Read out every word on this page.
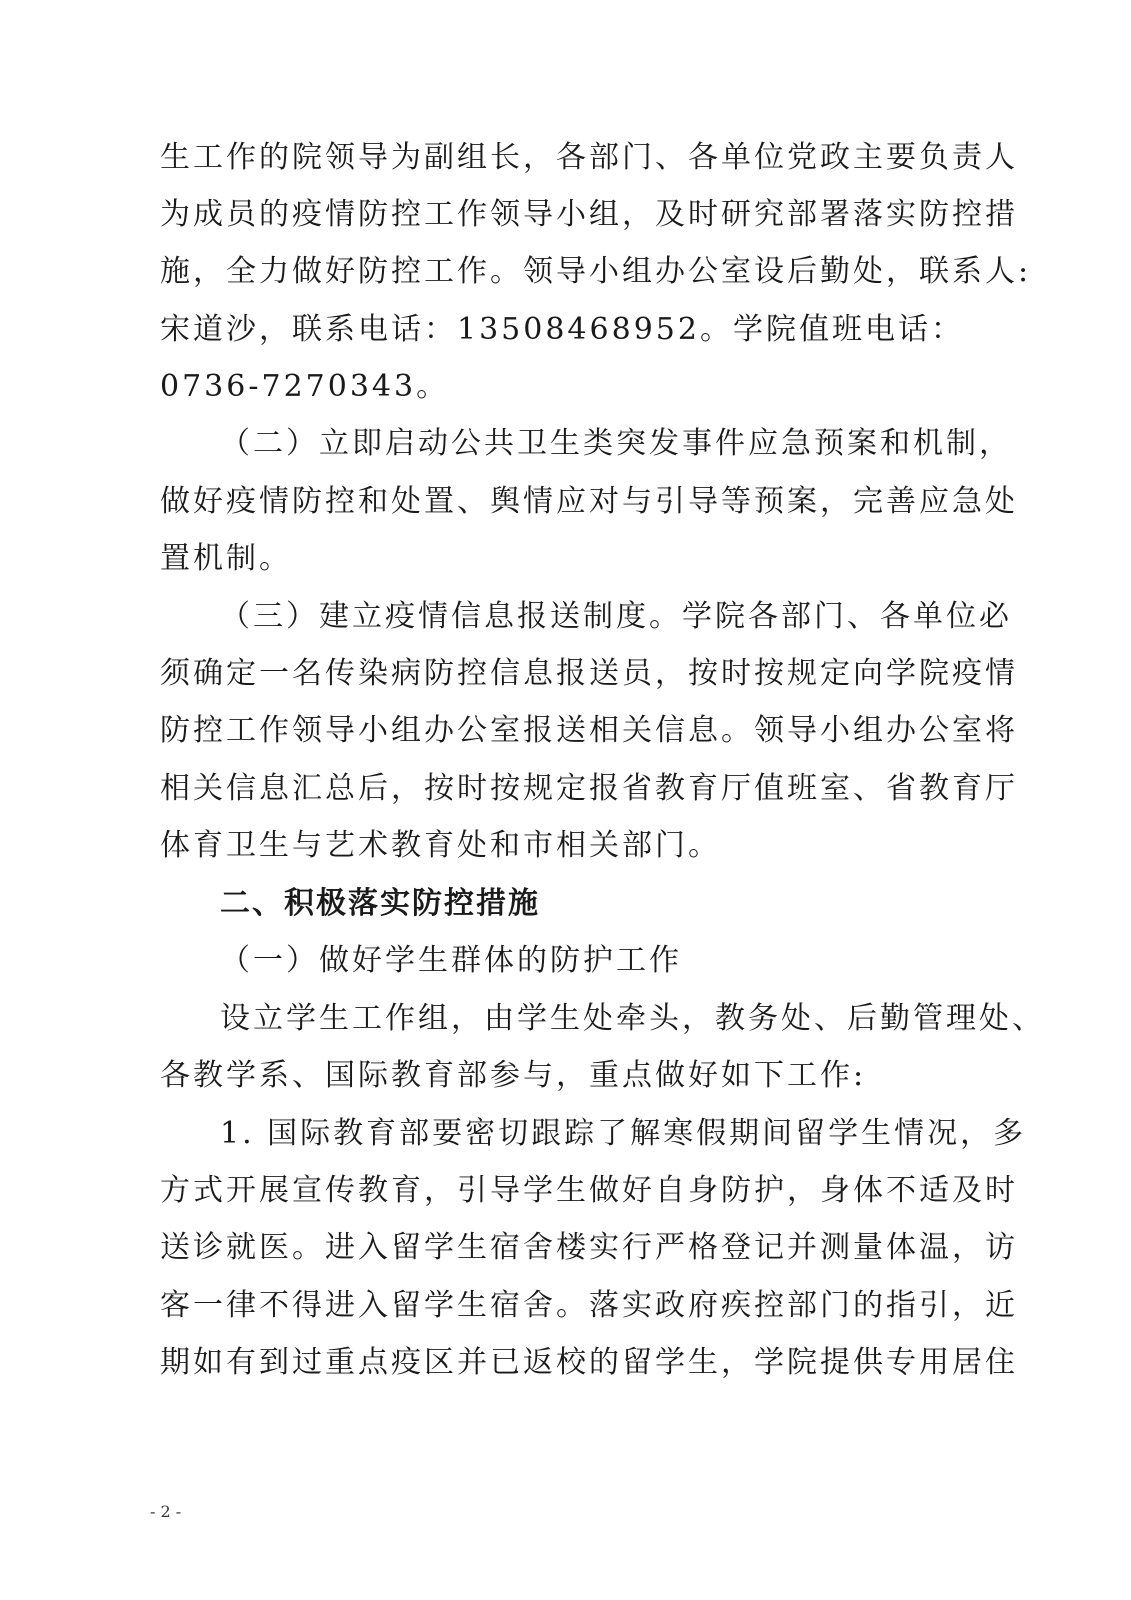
生工作的院领导为副组长，各部门、各单位党政主要负责人
为成员的疫情防控工作领导小组，及时研究部署落实防控措
施，全力做好防控工作。领导小组办公室设后勤处，联系人:
宋道沙，联系电话：13508468952。学院值班电话：
0736-7270343。
（二）立即启动公共卫生类突发事件应急预案和机制，
做好疫情防控和处置、舆情应对与引导等预案，完善应急处
置机制。
（三）建立疫情信息报送制度。学院各部门、各单位必
须确定一名传染病防控信息报送员，按时按规定向学院疫情
防控工作领导小组办公室报送相关信息。领导小组办公室将
相关信息汇总后，按时按规定报省教育厅值班室、省教育厅
体育卫生与艺术教育处和市相关部门。
二、积极落实防控措施
（一）做好学生群体的防护工作
设立学生工作组，由学生处牵头，教务处、后勤管理处、
各教学系、国际教育部参与，重点做好如下工作:
1. 国际教育部要密切跟踪了解寒假期间留学生情况，多
方式开展宣传教育，引导学生做好自身防护，身体不适及时
送诊就医。进入留学生宿舍楼实行严格登记并测量体温，访
客一律不得进入留学生宿舍。落实政府疾控部门的指引，近
期如有到过重点疫区并已返校的留学生，学院提供专用居住
- 2 -
